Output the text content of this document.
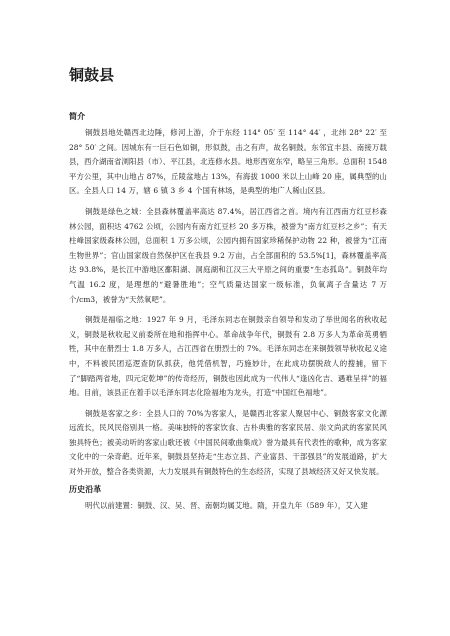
铜鼓县
简介

铜鼓县地处赣西北边陲，修河上游，介于东经 114° 05′ 至 114° 44′ ，北纬 28° 22′ 至 28° 50′ 之间。因城东有一巨石色如铜，形似鼓，击之有声，故名铜鼓。东邻宜丰县、南接万载县，西介湖南省浏阳县（市）、平江县，北连修水县。地形西宽东窄，略呈三角形。总面积 1548 平方公里，其中山地占 87%，丘陵盆地占 13%，有海拔 1000 米以上山峰 20 座，属典型的山区。全县人口 14 万，辖 6 镇 3 乡 4 个国有林场，是典型的地广人稀山区县。

铜鼓是绿色之城：全县森林覆盖率高达 87.4%，居江西省之首。境内有江西南方红豆杉森林公园，面积达 4762 公顷，公园内有南方红豆杉 20 多万株，被誉为“南方红豆杉之乡”；有天柱峰国家级森林公园，总面积 1 万多公顷，公园内拥有国家珍稀保护动物 22 种，被誉为“江南生物世界”；官山国家级自然保护区在我县 9.2 万亩，占全部面积的 53.5%[1]，森林覆盖率高达 93.8%，是长江中游地区鄱阳湖、洞庭湖和江汉三大平原之间的重要“生态孤岛”。铜鼓年均气温 16.2 度，是理想的“避暑胜地”；空气质量达国家一级标准，负氧离子含量达 7 万个/cm3，被誉为“天然氧吧”。

铜鼓是福临之地：1927 年 9 月，毛泽东同志在铜鼓亲自领导和发动了举世闻名的秋收起义，铜鼓是秋收起义前委所在地和指挥中心。革命战争年代，铜鼓有 2.8 万多人为革命英勇牺牲，其中在册烈士 1.8 万多人，占江西省在册烈士的 7%。毛泽东同志在来铜鼓领导秋收起义途中，不料被民团巡逻查防队抓获，他凭借机智，巧施妙计，在此成功摆脱敌人的搜捕，留下了“脚踏两省地，四元定乾坤”的传奇经历，铜鼓也因此成为一代伟人“逢凶化吉、遇难呈祥”的福地。目前，该县正在着手以毛泽东同志化险福地为龙头，打造“中国红色福地”。

铜鼓是客家之乡：全县人口的 70%为客家人，是赣西北客家人聚居中心、铜鼓客家文化源远流长，民风民俗别具一格。美味独特的客家饮食、古朴典雅的客家民居、崇文尚武的客家民风独具特色；被美动听的客家山歌还被《中国民间歌曲集成》誉为最具有代表性的歌种，成为客家文化中的一朵奇葩。近年来，铜鼓县坚持走“生态立县、产业富县、干部强县”的发展道路，扩大对外开放，整合各类资源，大力发展具有铜鼓特色的生态经济，实现了县域经济又好又快发展。

历史沿革

明代以前建置：铜鼓、汉、吴、晋、南朝均属艾地。隋，开皇九年（589 年），艾入建
